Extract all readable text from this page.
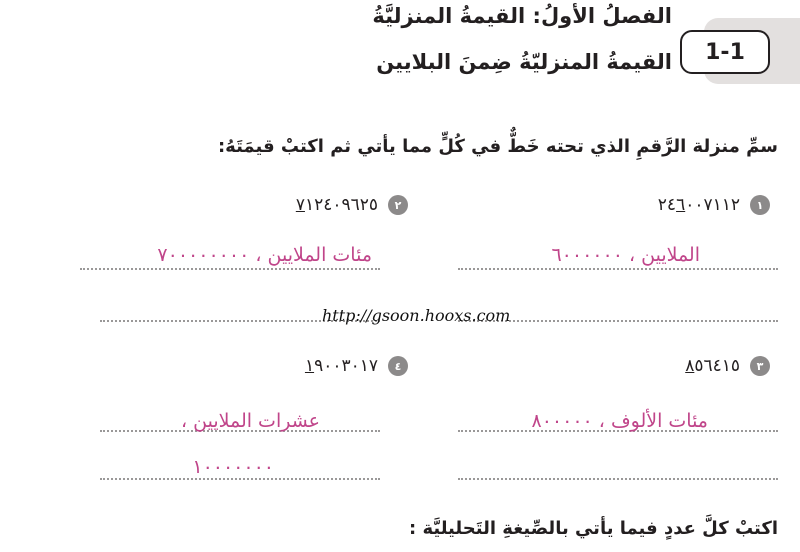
1-1
الفصلُ الأولُ: القيمةُ المنزليَّةُ
القيمةُ المنزليّةُ ضِمنَ البلايين
سمِّ منزلة الرَّقمِ الذي تحته خَطٌّ في كُلٍّ مما يأتي ثم اكتبْ قيمَتَهُ:
١
٢٤٦٠٠٧١١٢
٢
٧١٢٤٠٩٦٢٥
الملايين ، ٦٠٠٠٠٠٠
مئات الملايين ، ٧٠٠٠٠٠٠٠٠
http://gsoon.hooxs.com
٣
٨٥٦٤١٥
٤
١٩٠٠٣٠١٧
مئات الألوف ، ٨٠٠٠٠٠
عشرات الملايين ،
١٠٠٠٠٠٠٠
اكتبْ كلَّ عددٍ فيما يأتي بالصِّيغةِ التَحليليَّة :
